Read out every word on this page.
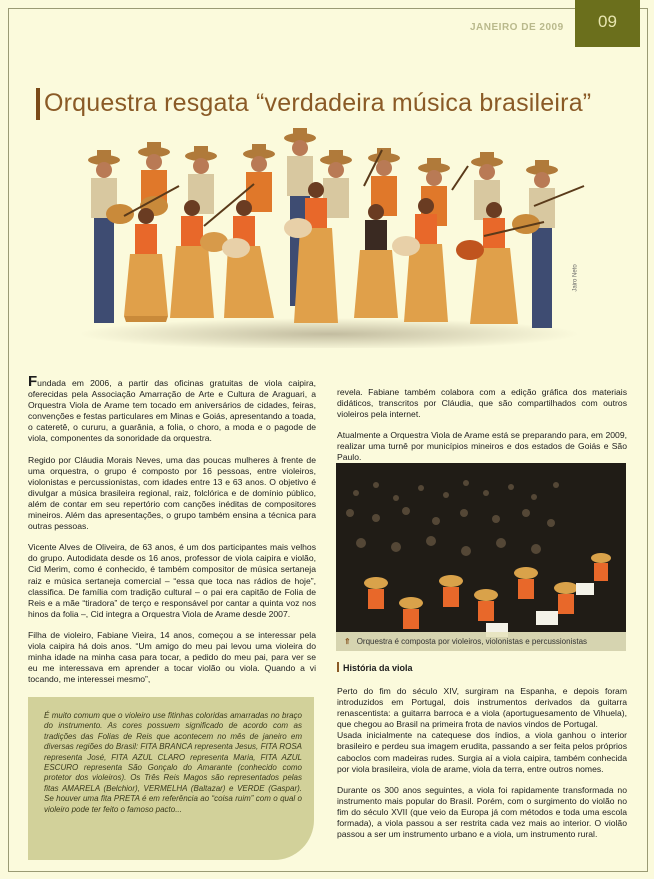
JANEIRO DE 2009	09
Orquestra resgata “verdadeira música brasileira”
Jairo Neto

Fundada em 2006, a partir das oficinas gratuitas de viola caipira, oferecidas pela Associação Amarração de Arte e Cultura de Araguari, a Orquestra Viola de Arame tem tocado em aniversários de cidades, feiras, convenções e festas particulares em Minas e Goiás, apresentando a toada, o cateretê, o cururu, a guarânia, a folia, o choro, a moda e o pagode de viola, componentes da sonoridade da orquestra.

Regido por Cláudia Morais Neves, uma das poucas mulheres à frente de uma orquestra, o grupo é composto por 16 pessoas, entre violeiros, violonistas e percussionistas, com idades entre 13 e 63 anos. O objetivo é divulgar a música brasileira regional, raiz, folclórica e de domínio público, além de contar em seu repertório com canções inéditas de compositores mineiros. Além das apresentações, o grupo também ensina a técnica para outras pessoas.

Vicente Alves de Oliveira, de 63 anos, é um dos participantes mais velhos do grupo. Autodidata desde os 16 anos, professor de viola caipira e violão, Cid Merim, como é conhecido, é também compositor de música sertaneja raiz e música sertaneja comercial – “essa que toca nas rádios de hoje”, classifica. De família com tradição cultural – o pai era capitão de Folia de Reis e a mãe “tiradora” de terço e responsável por cantar a quinta voz nos hinos da folia –, Cid integra a Orquestra Viola de Arame desde 2007.

Filha de violeiro, Fabiane Vieira, 14 anos, começou a se interessar pela viola caipira há dois anos. “Um amigo do meu pai levou uma violeira do minha idade na minha casa para tocar, a pedido do meu pai, para ver se eu me interessava em aprender a tocar violão ou viola. Quando a vi tocando, me interessei mesmo”,

É muito comum que o violeiro use fitinhas coloridas amarradas no braço do instrumento. As cores possuem significado de acordo com as tradições das Folias de Reis que acontecem no mês de janeiro em diversas regiões do Brasil: FITA BRANCA representa Jesus, FITA ROSA representa José, FITA AZUL CLARO representa Maria, FITA AZUL ESCURO representa São Gonçalo do Amarante (conhecido como protetor dos violeiros). Os Três Reis Magos são representados pelas fitas AMARELA (Belchior), VERMELHA (Baltazar) e VERDE (Gaspar). Se houver uma fita PRETA é em referência ao “coisa ruim” com o qual o violeiro pode ter feito o famoso pacto...

revela. Fabiane também colabora com a edição gráfica dos materiais didáticos, transcritos por Cláudia, que são compartilhados com outros violeiros pela internet.

Atualmente a Orquestra Viola de Arame está se preparando para, em 2009, realizar uma turnê por municípios mineiros e dos estados de Goiás e São Paulo.

⇑ Orquestra é composta por violeiros, violonistas e percussionistas
História da viola

Perto do fim do século XIV, surgiram na Espanha, e depois foram introduzidos em Portugal, dois instrumentos derivados da guitarra renascentista: a guitarra barroca e a viola (aportuguesamento de Vihuela), que chegou ao Brasil na primeira frota de navios vindos de Portugal.

Usada inicialmente na catequese dos índios, a viola ganhou o interior brasileiro e perdeu sua imagem erudita, passando a ser feita pelos próprios caboclos com madeiras rudes. Surgia aí a viola caipira, também conhecida por viola brasileira, viola de arame, viola da terra, entre outros nomes.

Durante os 300 anos seguintes, a viola foi rapidamente transformada no instrumento mais popular do Brasil. Porém, com o surgimento do violão no fim do século XVII (que veio da Europa já com métodos e toda uma escola formada), a viola passou a ser restrita cada vez mais ao interior. O violão passou a ser um instrumento urbano e a viola, um instrumento rural.
